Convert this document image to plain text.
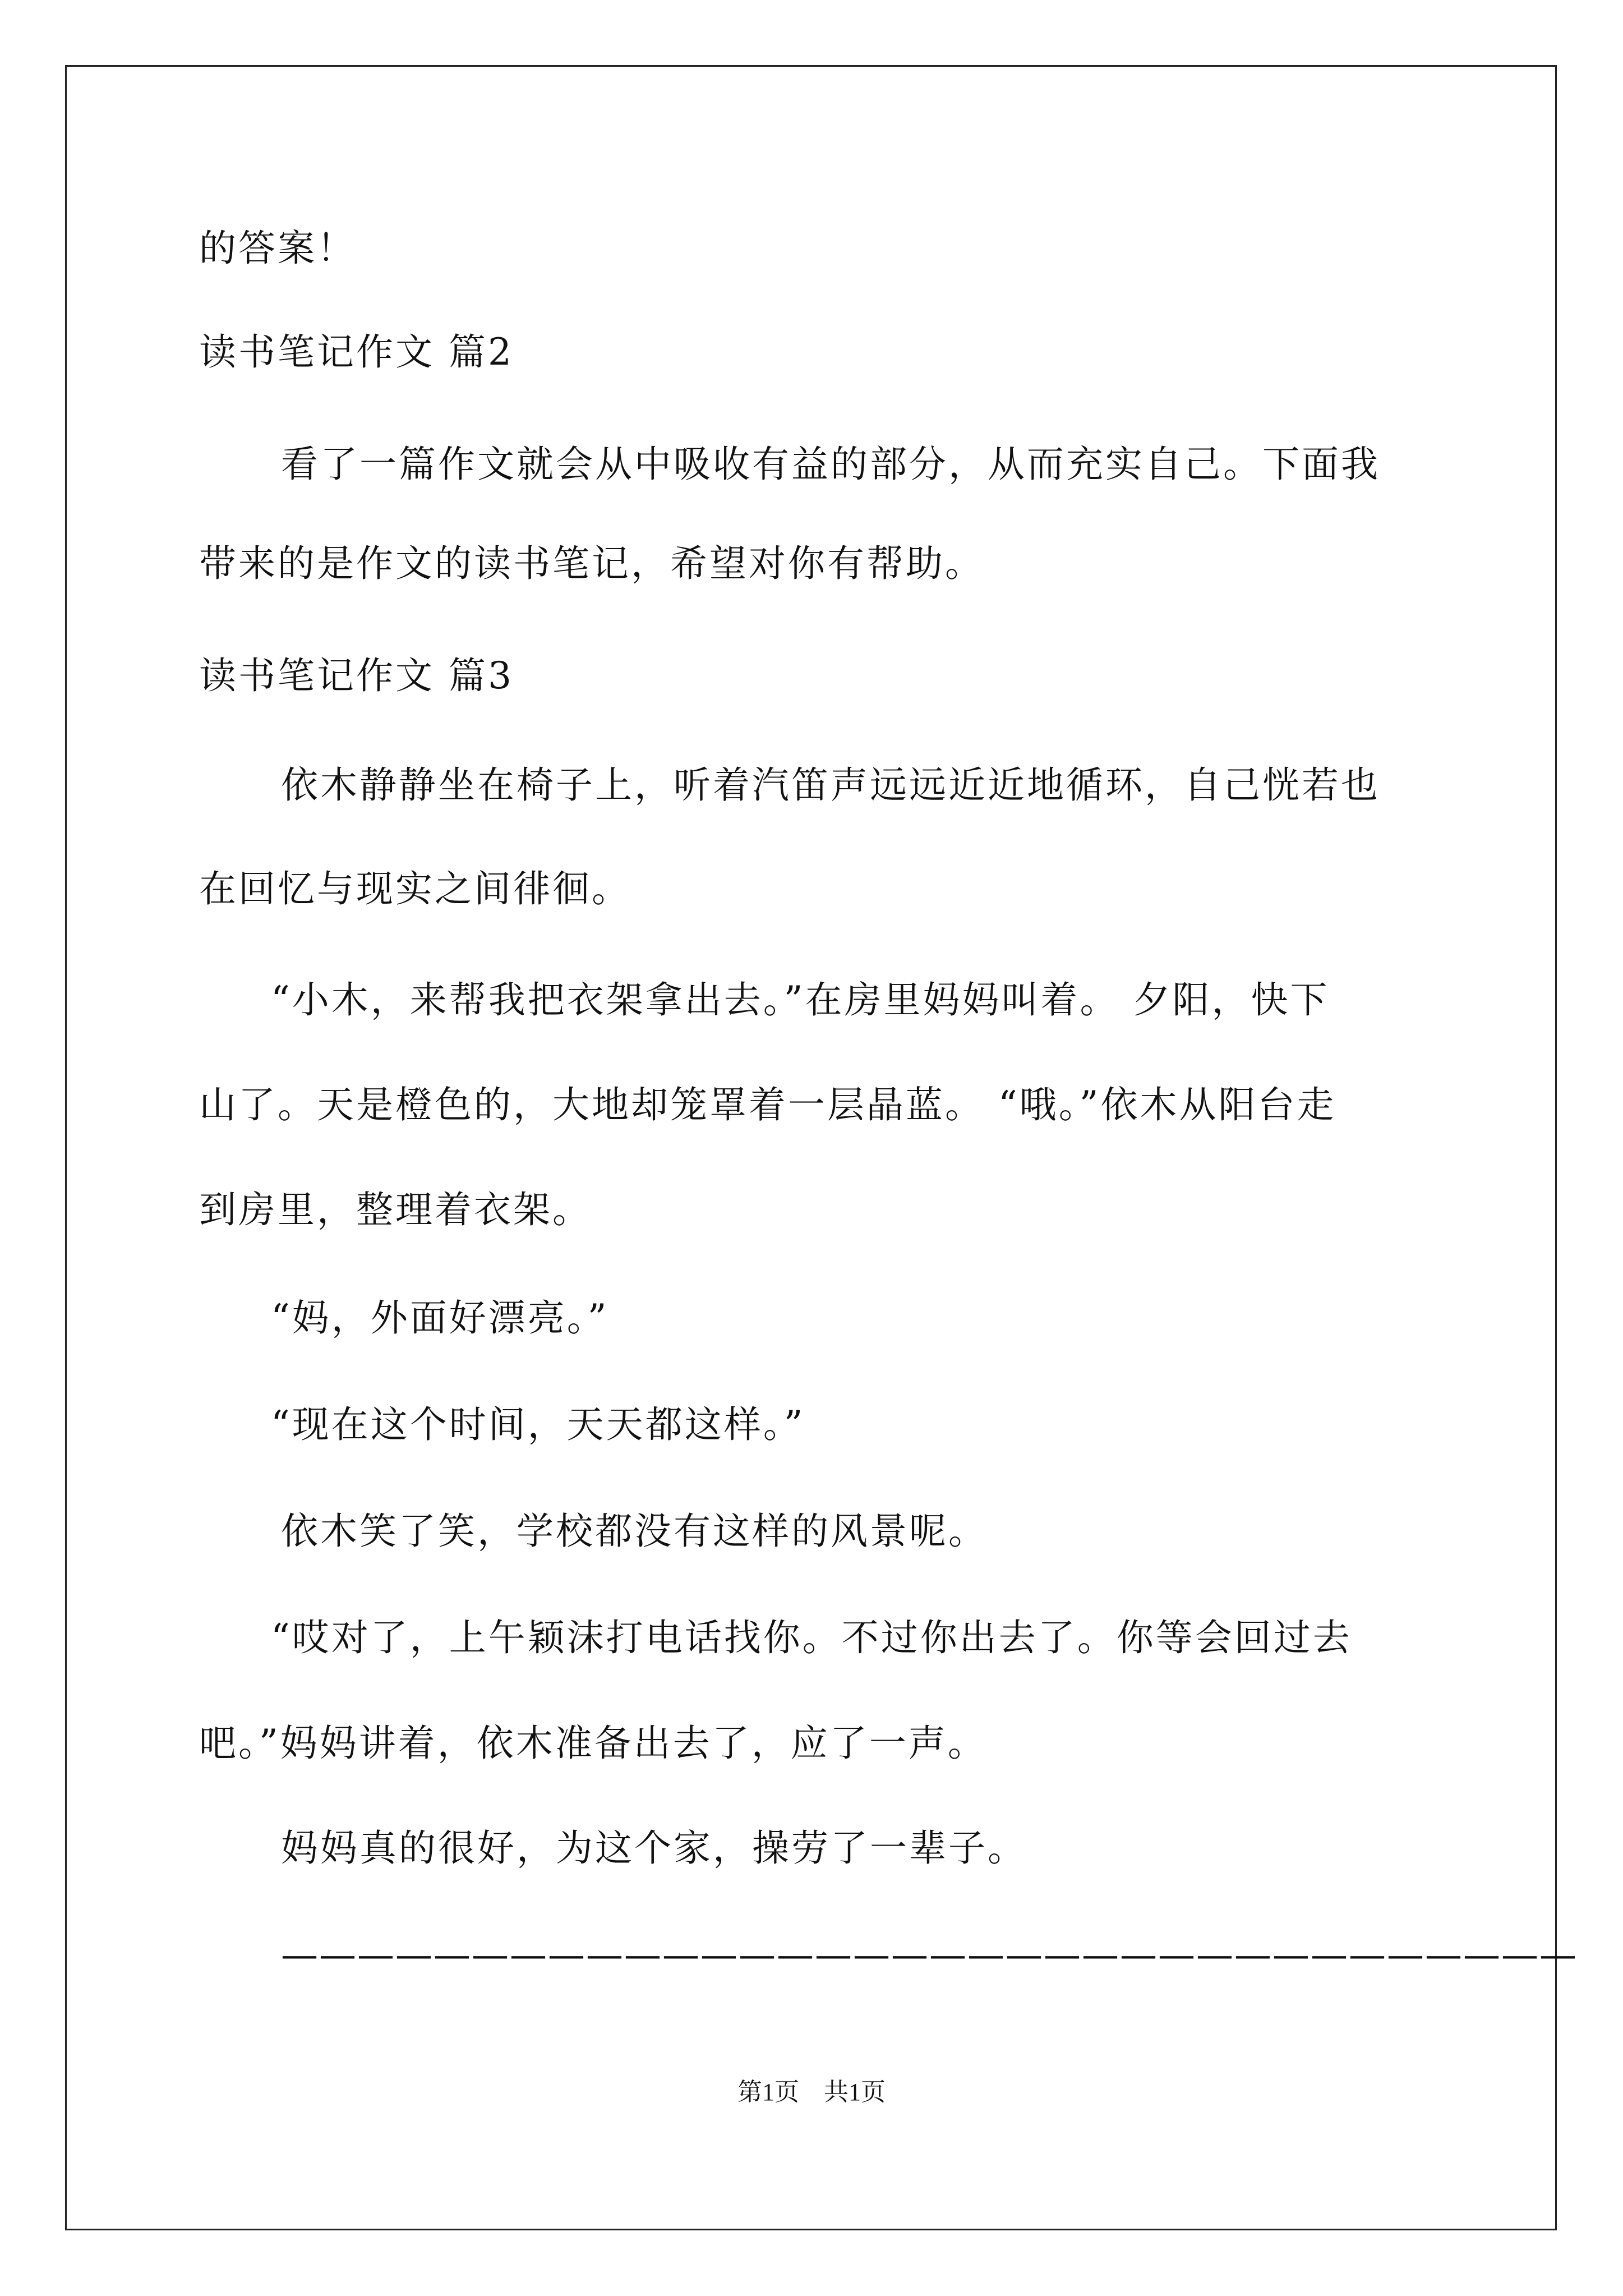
的答案！
读书笔记作文 篇2
看了一篇作文就会从中吸收有益的部分，从而充实自己。下面我
带来的是作文的读书笔记，希望对你有帮助。
读书笔记作文 篇3
依木静静坐在椅子上，听着汽笛声远远近近地循环，自己恍若也
在回忆与现实之间徘徊。
“小木，来帮我把衣架拿出去。”在房里妈妈叫着。 夕阳，快下
山了。天是橙色的，大地却笼罩着一层晶蓝。 “哦。”依木从阳台走
到房里，整理着衣架。
“妈，外面好漂亮。”
“现在这个时间，天天都这样。”
依木笑了笑，学校都没有这样的风景呢。
“哎对了，上午颖沫打电话找你。不过你出去了。你等会回过去
吧。”妈妈讲着，依木准备出去了，应了一声。
妈妈真的很好，为这个家，操劳了一辈子。
——————————————————————————————————
第1页　共1页
